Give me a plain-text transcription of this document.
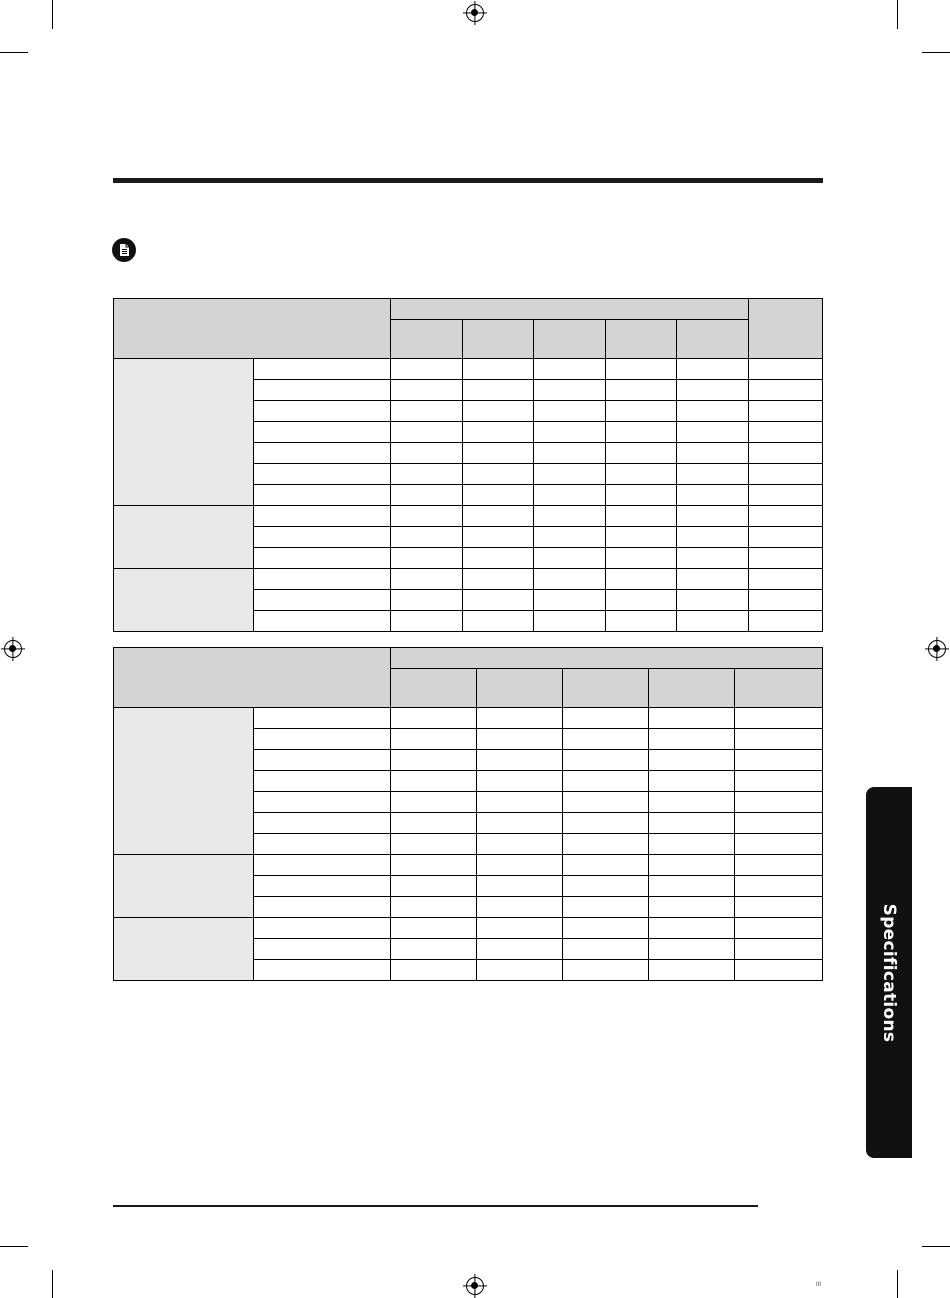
Specifications
III
